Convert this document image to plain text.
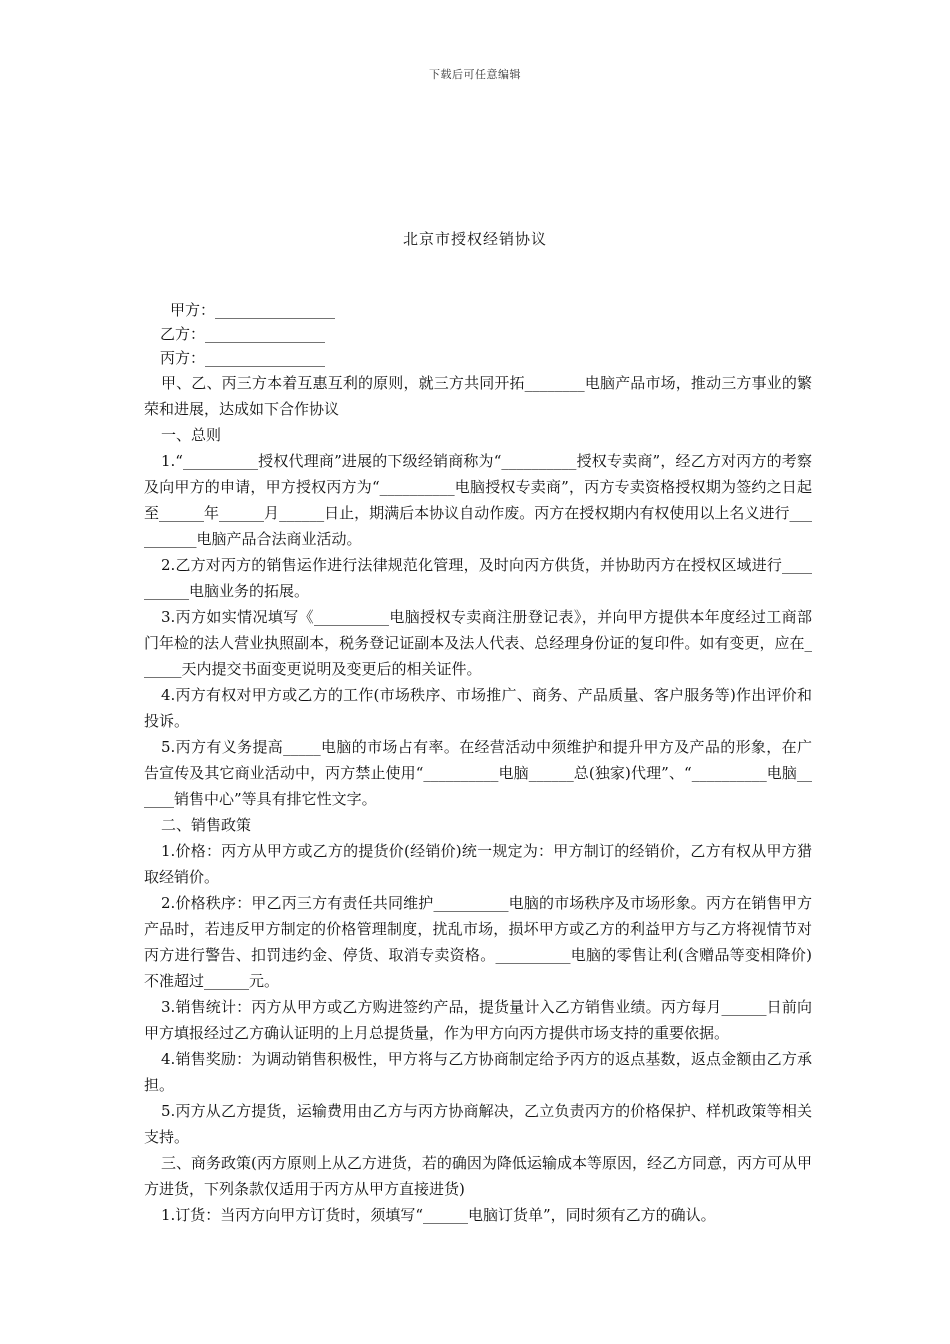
下载后可任意编辑
北京市授权经销协议
甲方：________________
乙方：________________
丙方：________________

甲、乙、丙三方本着互惠互利的原则，就三方共同开拓________电脑产品市场，推动三方事业的繁荣和进展，达成如下合作协议

一、总则

1.“__________授权代理商”进展的下级经销商称为“__________授权专卖商”，经乙方对丙方的考察及向甲方的申请，甲方授权丙方为“__________电脑授权专卖商”，丙方专卖资格授权期为签约之日起至______年______月______日止，期满后本协议自动作废。丙方在授权期内有权使用以上名义进行__________电脑产品合法商业活动。

2.乙方对丙方的销售运作进行法律规范化管理，及时向丙方供货，并协助丙方在授权区域进行__________电脑业务的拓展。

3.丙方如实情况填写《__________电脑授权专卖商注册登记表》，并向甲方提供本年度经过工商部门年检的法人营业执照副本，税务登记证副本及法人代表、总经理身份证的复印件。如有变更，应在______天内提交书面变更说明及变更后的相关证件。

4.丙方有权对甲方或乙方的工作(市场秩序、市场推广、商务、产品质量、客户服务等)作出评价和投诉。

5.丙方有义务提高_____电脑的市场占有率。在经营活动中须维护和提升甲方及产品的形象，在广告宣传及其它商业活动中，丙方禁止使用“__________电脑______总(独家)代理”、“__________电脑______销售中心”等具有排它性文字。

二、销售政策

1.价格：丙方从甲方或乙方的提货价(经销价)统一规定为：甲方制订的经销价，乙方有权从甲方猎取经销价。

2.价格秩序：甲乙丙三方有责任共同维护__________电脑的市场秩序及市场形象。丙方在销售甲方产品时，若违反甲方制定的价格管理制度，扰乱市场，损坏甲方或乙方的利益甲方与乙方将视情节对丙方进行警告、扣罚违约金、停货、取消专卖资格。__________电脑的零售让利(含赠品等变相降价)不准超过______元。

3.销售统计：丙方从甲方或乙方购进签约产品，提货量计入乙方销售业绩。丙方每月______日前向甲方填报经过乙方确认证明的上月总提货量，作为甲方向丙方提供市场支持的重要依据。

4.销售奖励：为调动销售积极性，甲方将与乙方协商制定给予丙方的返点基数，返点金额由乙方承担。

5.丙方从乙方提货，运输费用由乙方与丙方协商解决，乙立负责丙方的价格保护、样机政策等相关支持。

三、商务政策(丙方原则上从乙方进货，若的确因为降低运输成本等原因，经乙方同意，丙方可从甲方进货，下列条款仅适用于丙方从甲方直接进货)

1.订货：当丙方向甲方订货时，须填写“______电脑订货单”，同时须有乙方的确认。
